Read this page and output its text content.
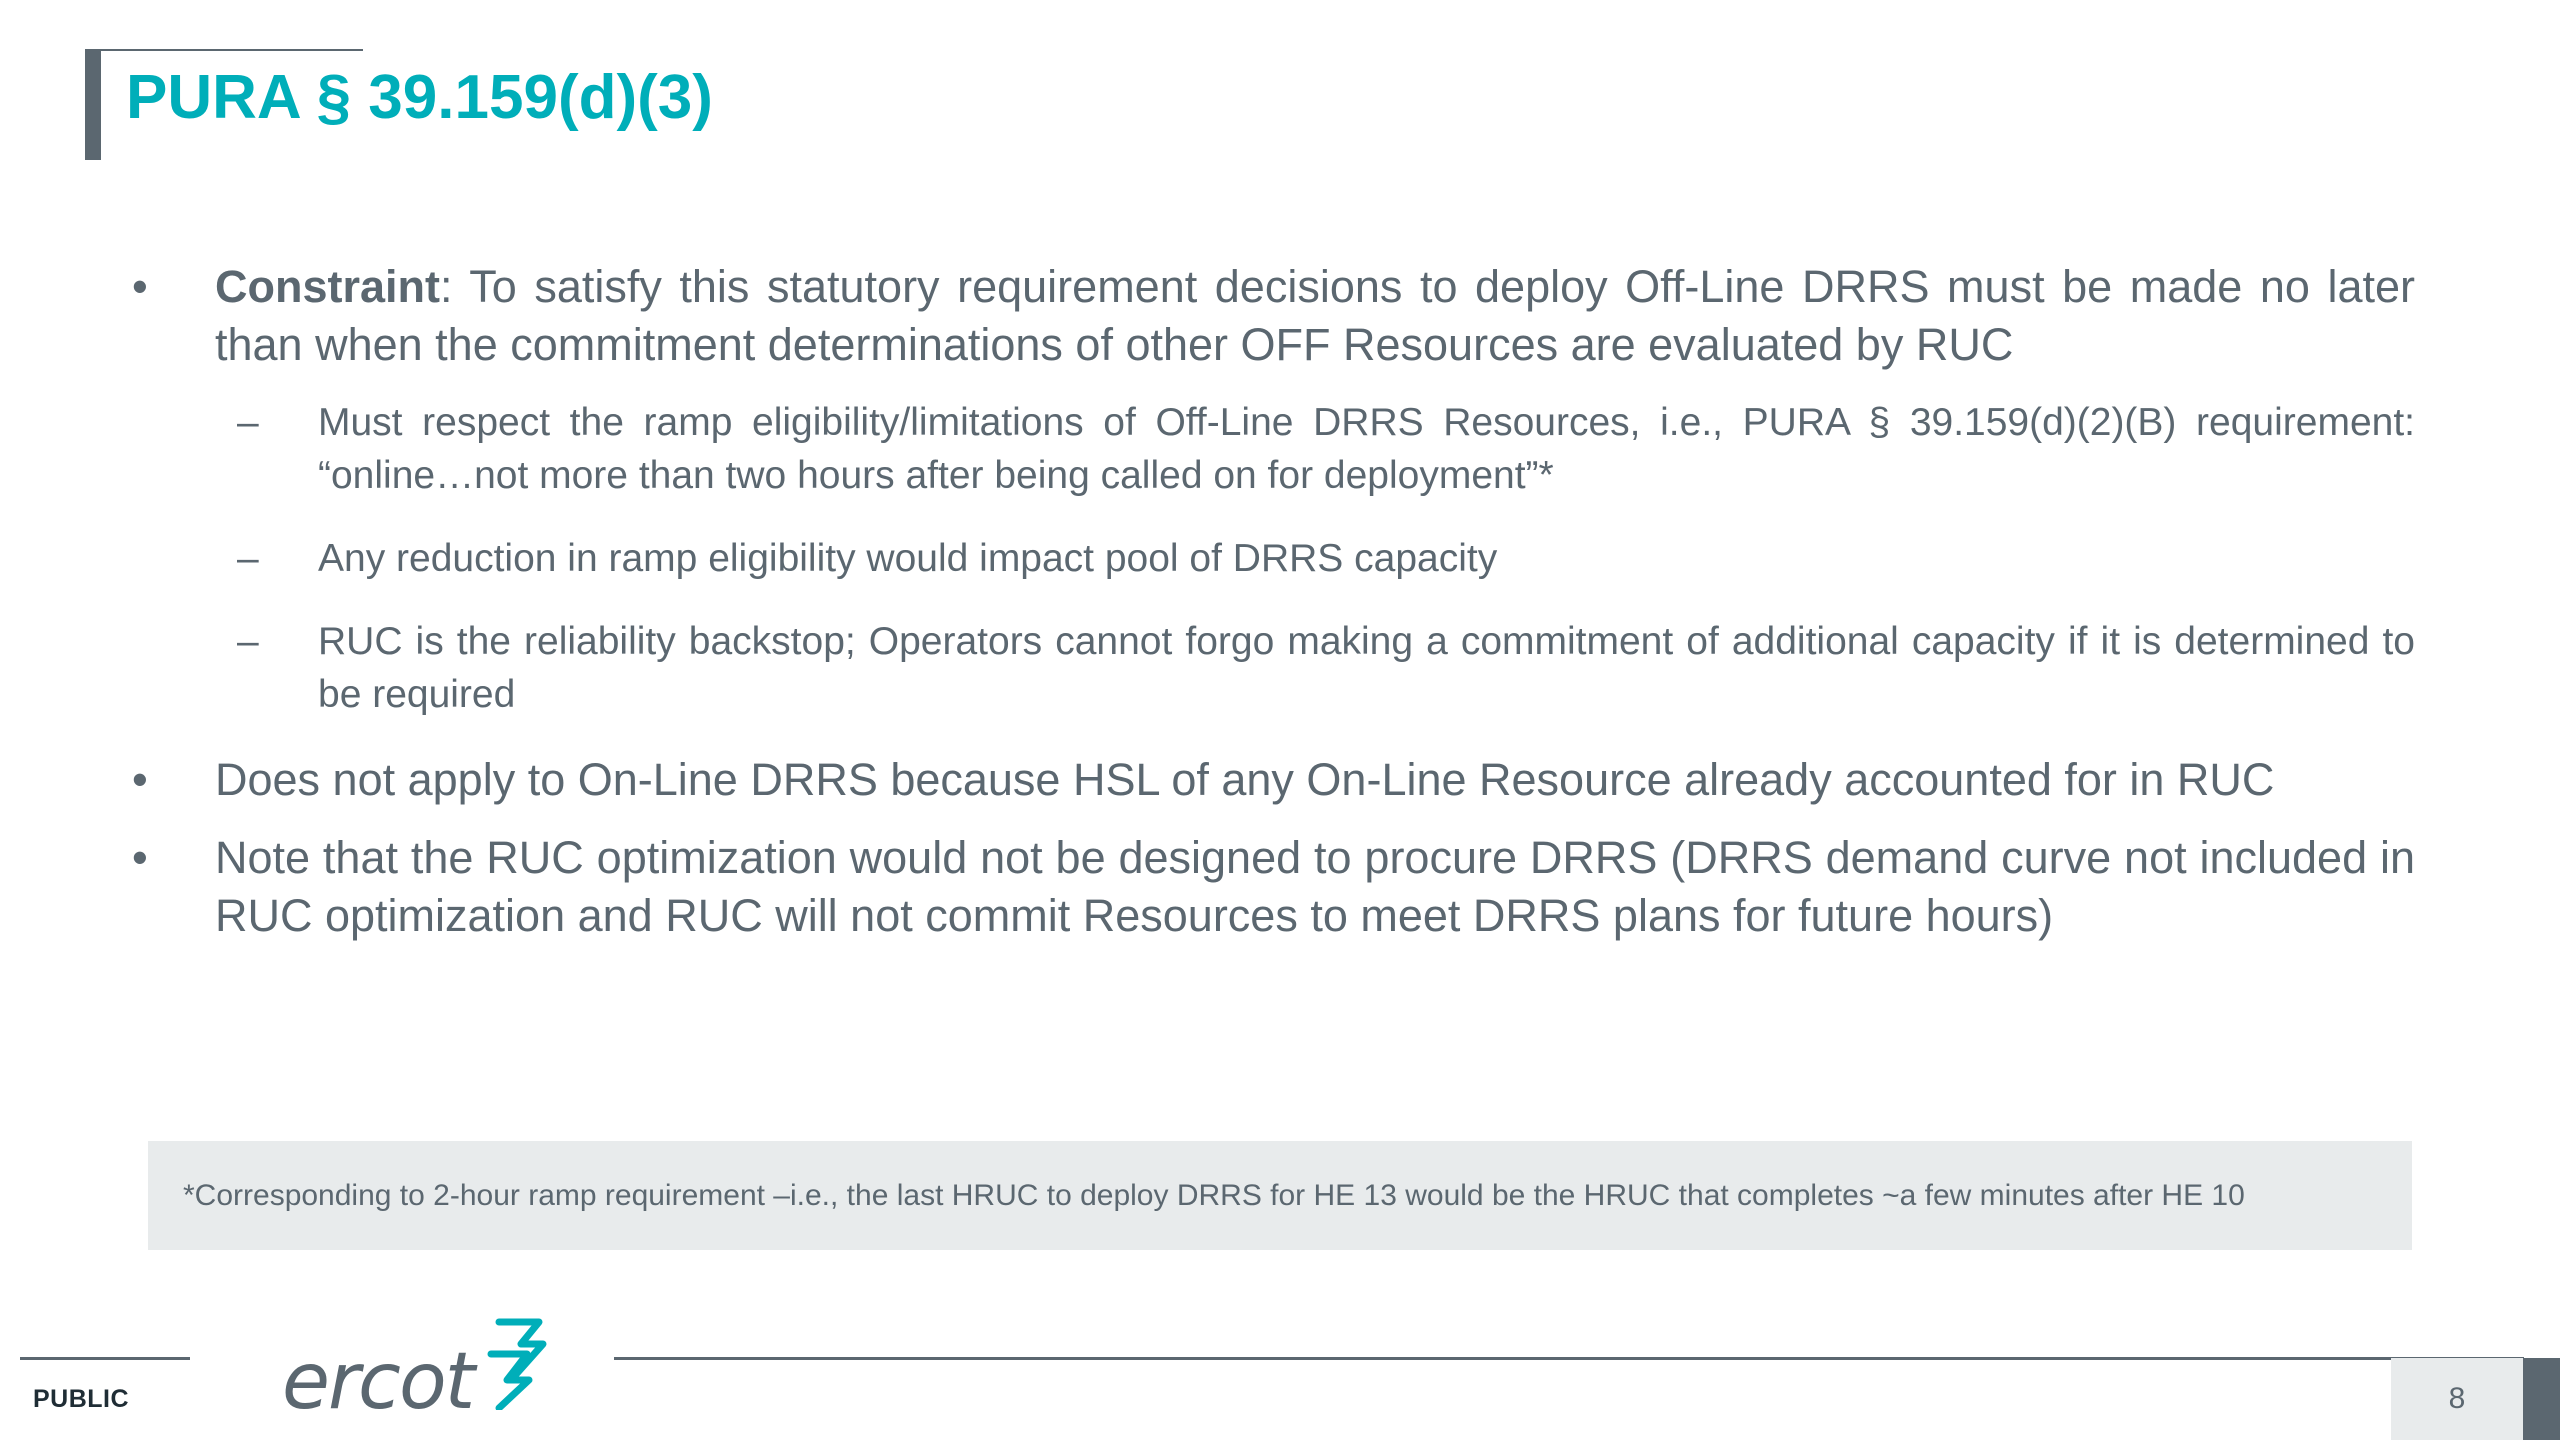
PURA § 39.159(d)(3)
•	Constraint: To satisfy this statutory requirement decisions to deploy Off-Line DRRS must be made no later than when the commitment determinations of other OFF Resources are evaluated by RUC
– Must respect the ramp eligibility/limitations of Off-Line DRRS Resources, i.e., PURA § 39.159(d)(2)(B) requirement: “online…not more than two hours after being called on for deployment”*
– Any reduction in ramp eligibility would impact pool of DRRS capacity
– RUC is the reliability backstop; Operators cannot forgo making a commitment of additional capacity if it is determined to be required
•	Does not apply to On-Line DRRS because HSL of any On-Line Resource already accounted for in RUC
•	Note that the RUC optimization would not be designed to procure DRRS (DRRS demand curve not included in RUC optimization and RUC will not commit Resources to meet DRRS plans for future hours)
*Corresponding to 2-hour ramp requirement –i.e., the last HRUC to deploy DRRS for HE 13 would be the HRUC that completes ~a few minutes after HE 10
PUBLIC ercot	8
